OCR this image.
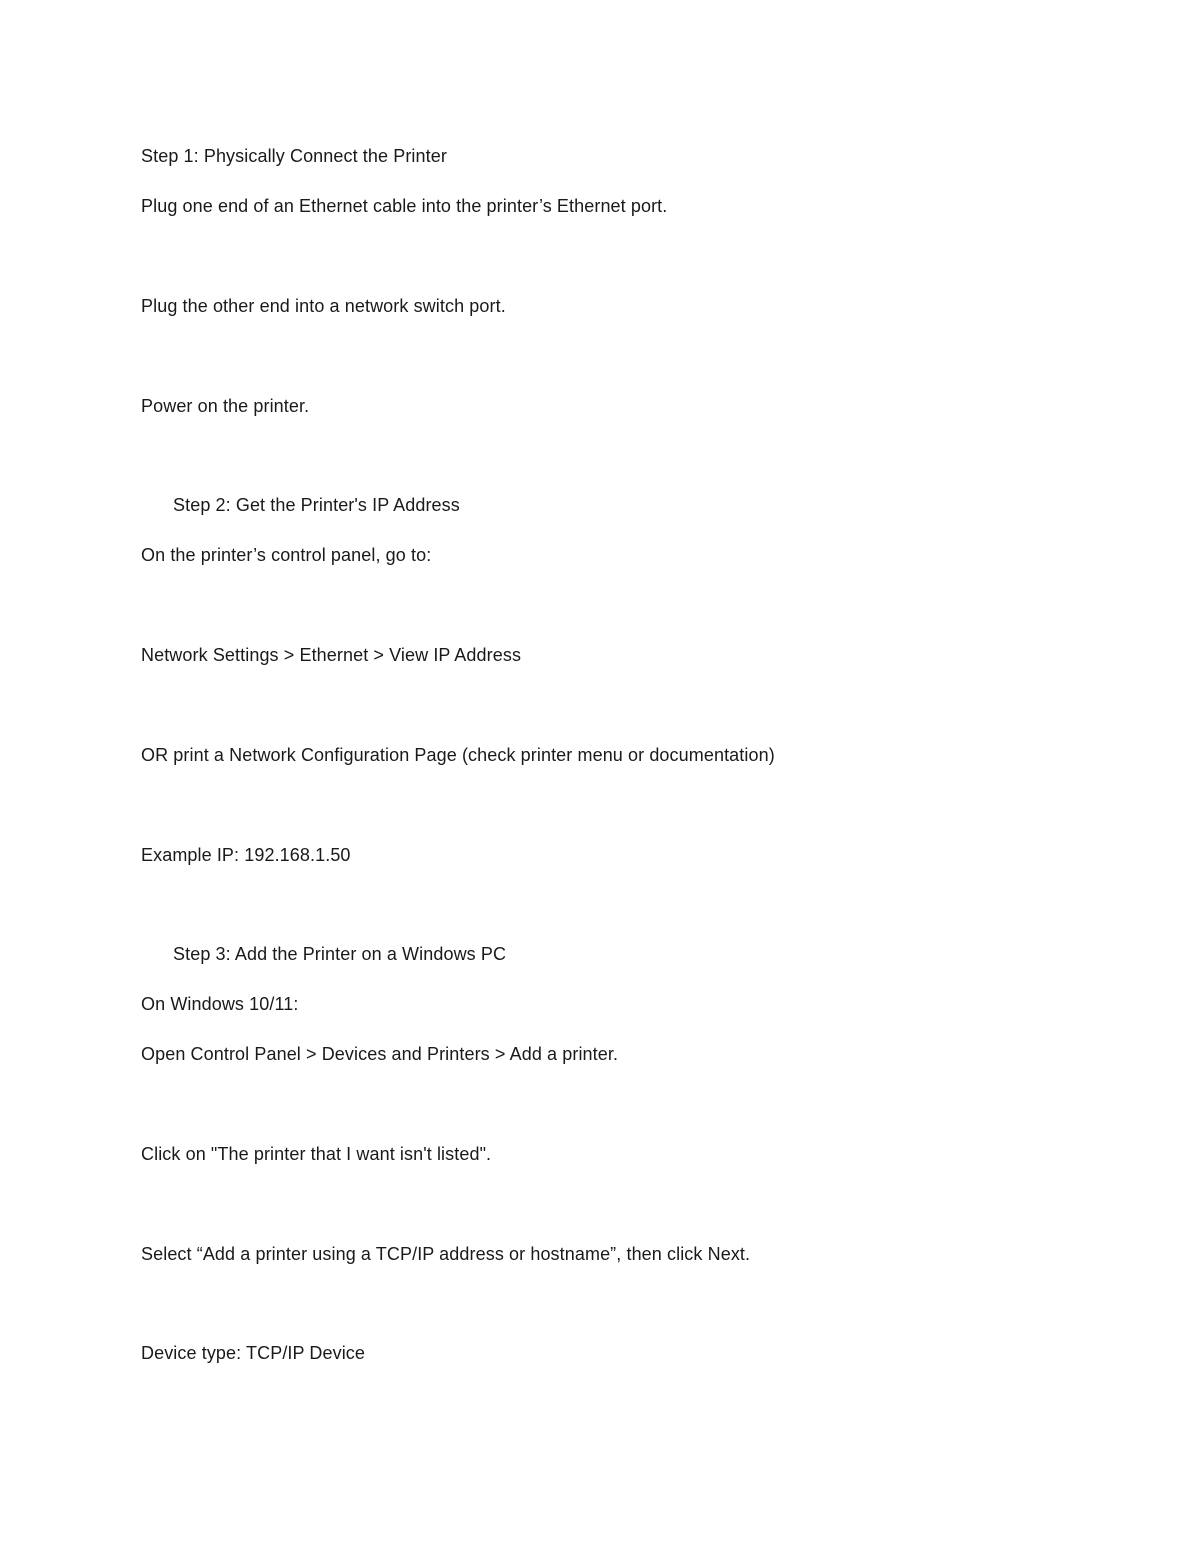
Step 1: Physically Connect the Printer
Plug one end of an Ethernet cable into the printer’s Ethernet port.
Plug the other end into a network switch port.
Power on the printer.
Step 2: Get the Printer's IP Address
On the printer’s control panel, go to:
Network Settings > Ethernet > View IP Address
OR print a Network Configuration Page (check printer menu or documentation)
Example IP: 192.168.1.50
Step 3: Add the Printer on a Windows PC
On Windows 10/11:
Open Control Panel > Devices and Printers > Add a printer.
Click on "The printer that I want isn't listed".
Select “Add a printer using a TCP/IP address or hostname”, then click Next.
Device type: TCP/IP Device
